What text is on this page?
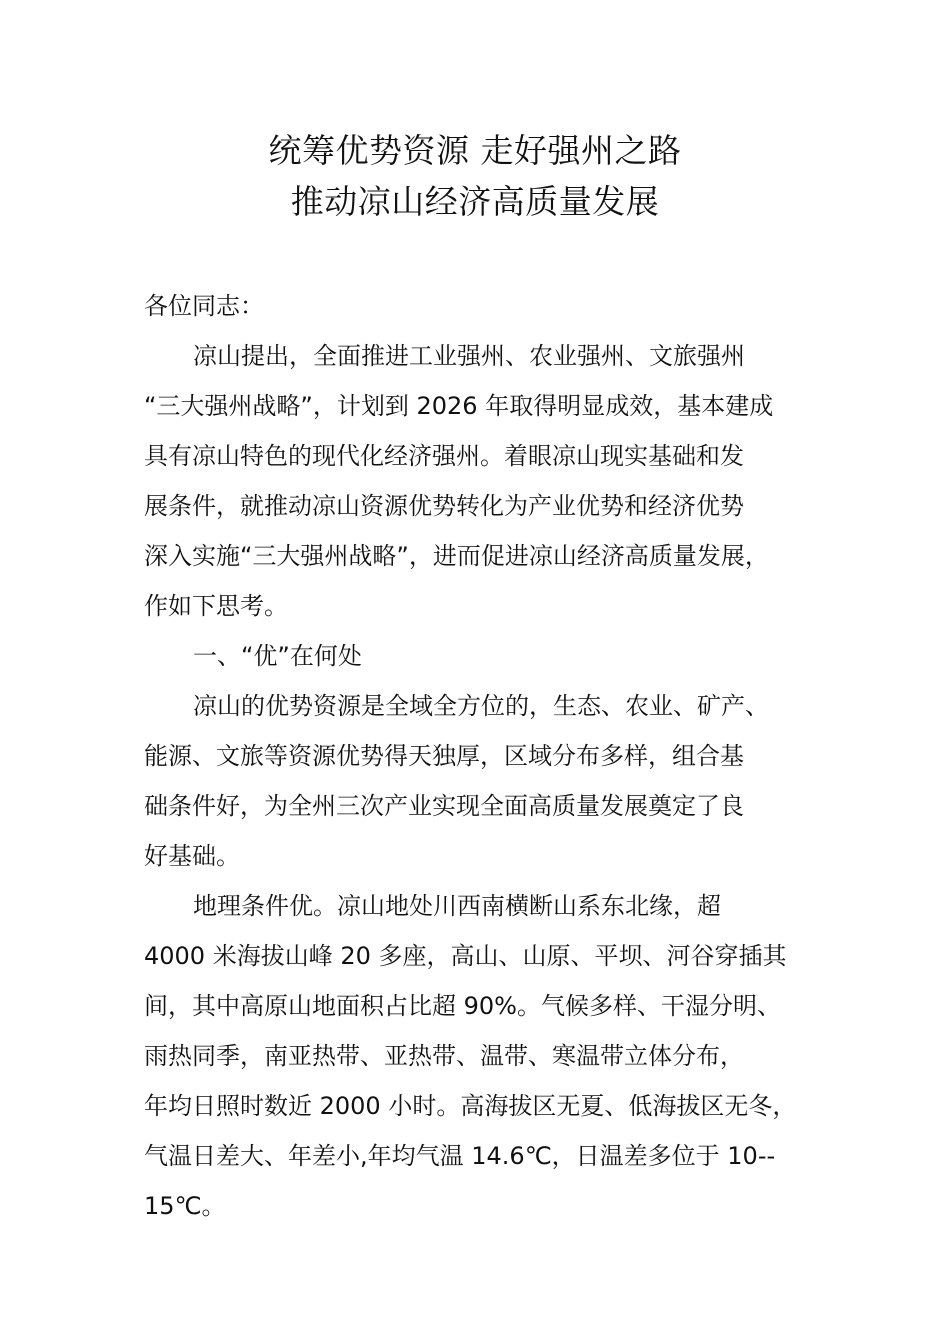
统筹优势资源 走好强州之路
推动凉山经济高质量发展
各位同志：
凉山提出，全面推进工业强州、农业强州、文旅强州
“三大强州战略”，计划到 2026 年取得明显成效，基本建成
具有凉山特色的现代化经济强州。着眼凉山现实基础和发
展条件，就推动凉山资源优势转化为产业优势和经济优势
深入实施“三大强州战略”，进而促进凉山经济高质量发展，
作如下思考。
一、“优”在何处
凉山的优势资源是全域全方位的，生态、农业、矿产、
能源、文旅等资源优势得天独厚，区域分布多样，组合基
础条件好，为全州三次产业实现全面高质量发展奠定了良
好基础。
地理条件优。凉山地处川西南横断山系东北缘，超
4000 米海拔山峰 20 多座，高山、山原、平坝、河谷穿插其
间，其中高原山地面积占比超 90%。气候多样、干湿分明、
雨热同季，南亚热带、亚热带、温带、寒温带立体分布，
年均日照时数近 2000 小时。高海拔区无夏、低海拔区无冬，
气温日差大、年差小,年均气温 14.6℃，日温差多位于 10--
15℃。
